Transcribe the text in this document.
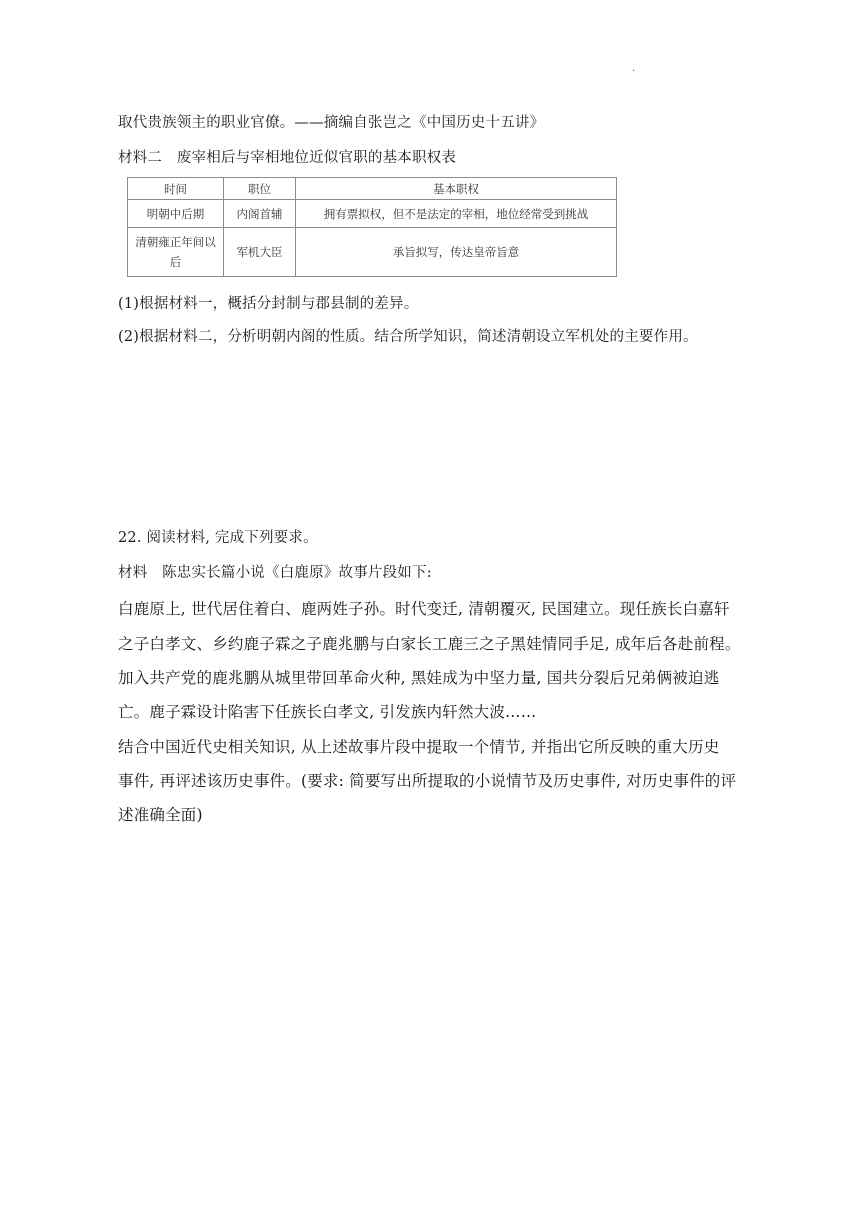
·
取代贵族领主的职业官僚。——摘编自张岂之《中国历史十五讲》
材料二　废宰相后与宰相地位近似官职的基本职权表
时间	职位	基本职权
明朝中后期	内阁首辅	拥有票拟权，但不是法定的宰相，地位经常受到挑战
清朝雍正年间以后	军机大臣	承旨拟写，传达皇帝旨意
(1)根据材料一，概括分封制与郡县制的差异。
(2)根据材料二，分析明朝内阁的性质。结合所学知识，简述清朝设立军机处的主要作用。
22. 阅读材料, 完成下列要求。
材料　陈忠实长篇小说《白鹿原》故事片段如下:
白鹿原上, 世代居住着白、鹿两姓子孙。时代变迁, 清朝覆灭, 民国建立。现任族长白嘉轩
之子白孝文、乡约鹿子霖之子鹿兆鹏与白家长工鹿三之子黑娃情同手足, 成年后各赴前程。
加入共产党的鹿兆鹏从城里带回革命火种, 黑娃成为中坚力量, 国共分裂后兄弟俩被迫逃
亡。鹿子霖设计陷害下任族长白孝文, 引发族内轩然大波……
结合中国近代史相关知识, 从上述故事片段中提取一个情节, 并指出它所反映的重大历史
事件, 再评述该历史事件。(要求: 简要写出所提取的小说情节及历史事件, 对历史事件的评
述准确全面)
